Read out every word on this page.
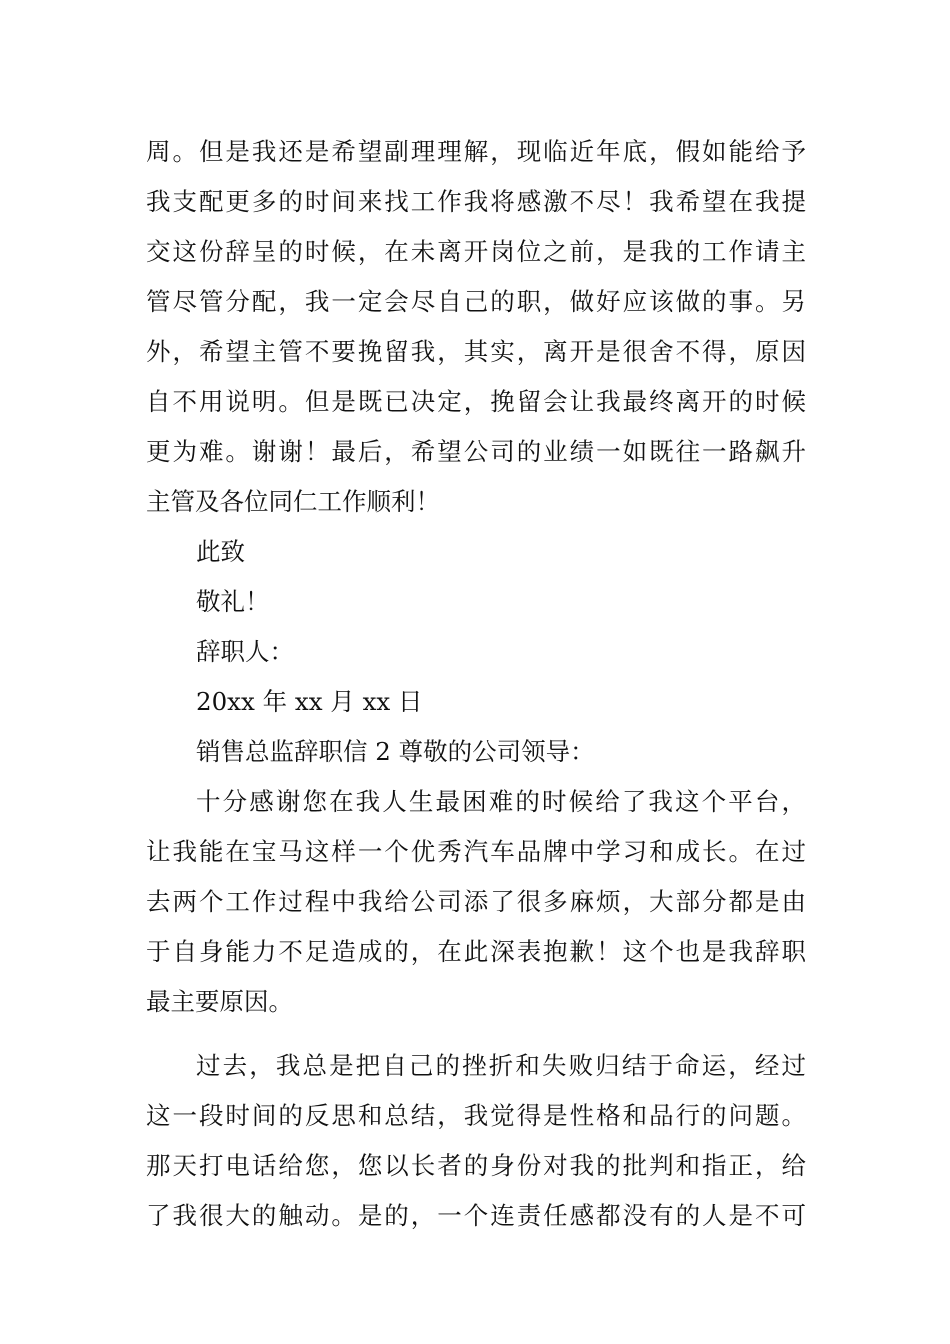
周。但是我还是希望副理理解，现临近年底，假如能给予
我支配更多的时间来找工作我将感激不尽！我希望在我提
交这份辞呈的时候，在未离开岗位之前，是我的工作请主
管尽管分配，我一定会尽自己的职，做好应该做的事。另
外，希望主管不要挽留我，其实，离开是很舍不得，原因
自不用说明。但是既已决定，挽留会让我最终离开的时候
更为难。谢谢！最后，希望公司的业绩一如既往一路飙升
主管及各位同仁工作顺利！
此致
敬礼！
辞职人：
20xx 年 xx 月 xx 日
销售总监辞职信 2 尊敬的公司领导：
十分感谢您在我人生最困难的时候给了我这个平台，
让我能在宝马这样一个优秀汽车品牌中学习和成长。在过
去两个工作过程中我给公司添了很多麻烦，大部分都是由
于自身能力不足造成的，在此深表抱歉！这个也是我辞职
最主要原因。
过去，我总是把自己的挫折和失败归结于命运，经过
这一段时间的反思和总结，我觉得是性格和品行的问题。
那天打电话给您，您以长者的身份对我的批判和指正，给
了我很大的触动。是的，一个连责任感都没有的人是不可
